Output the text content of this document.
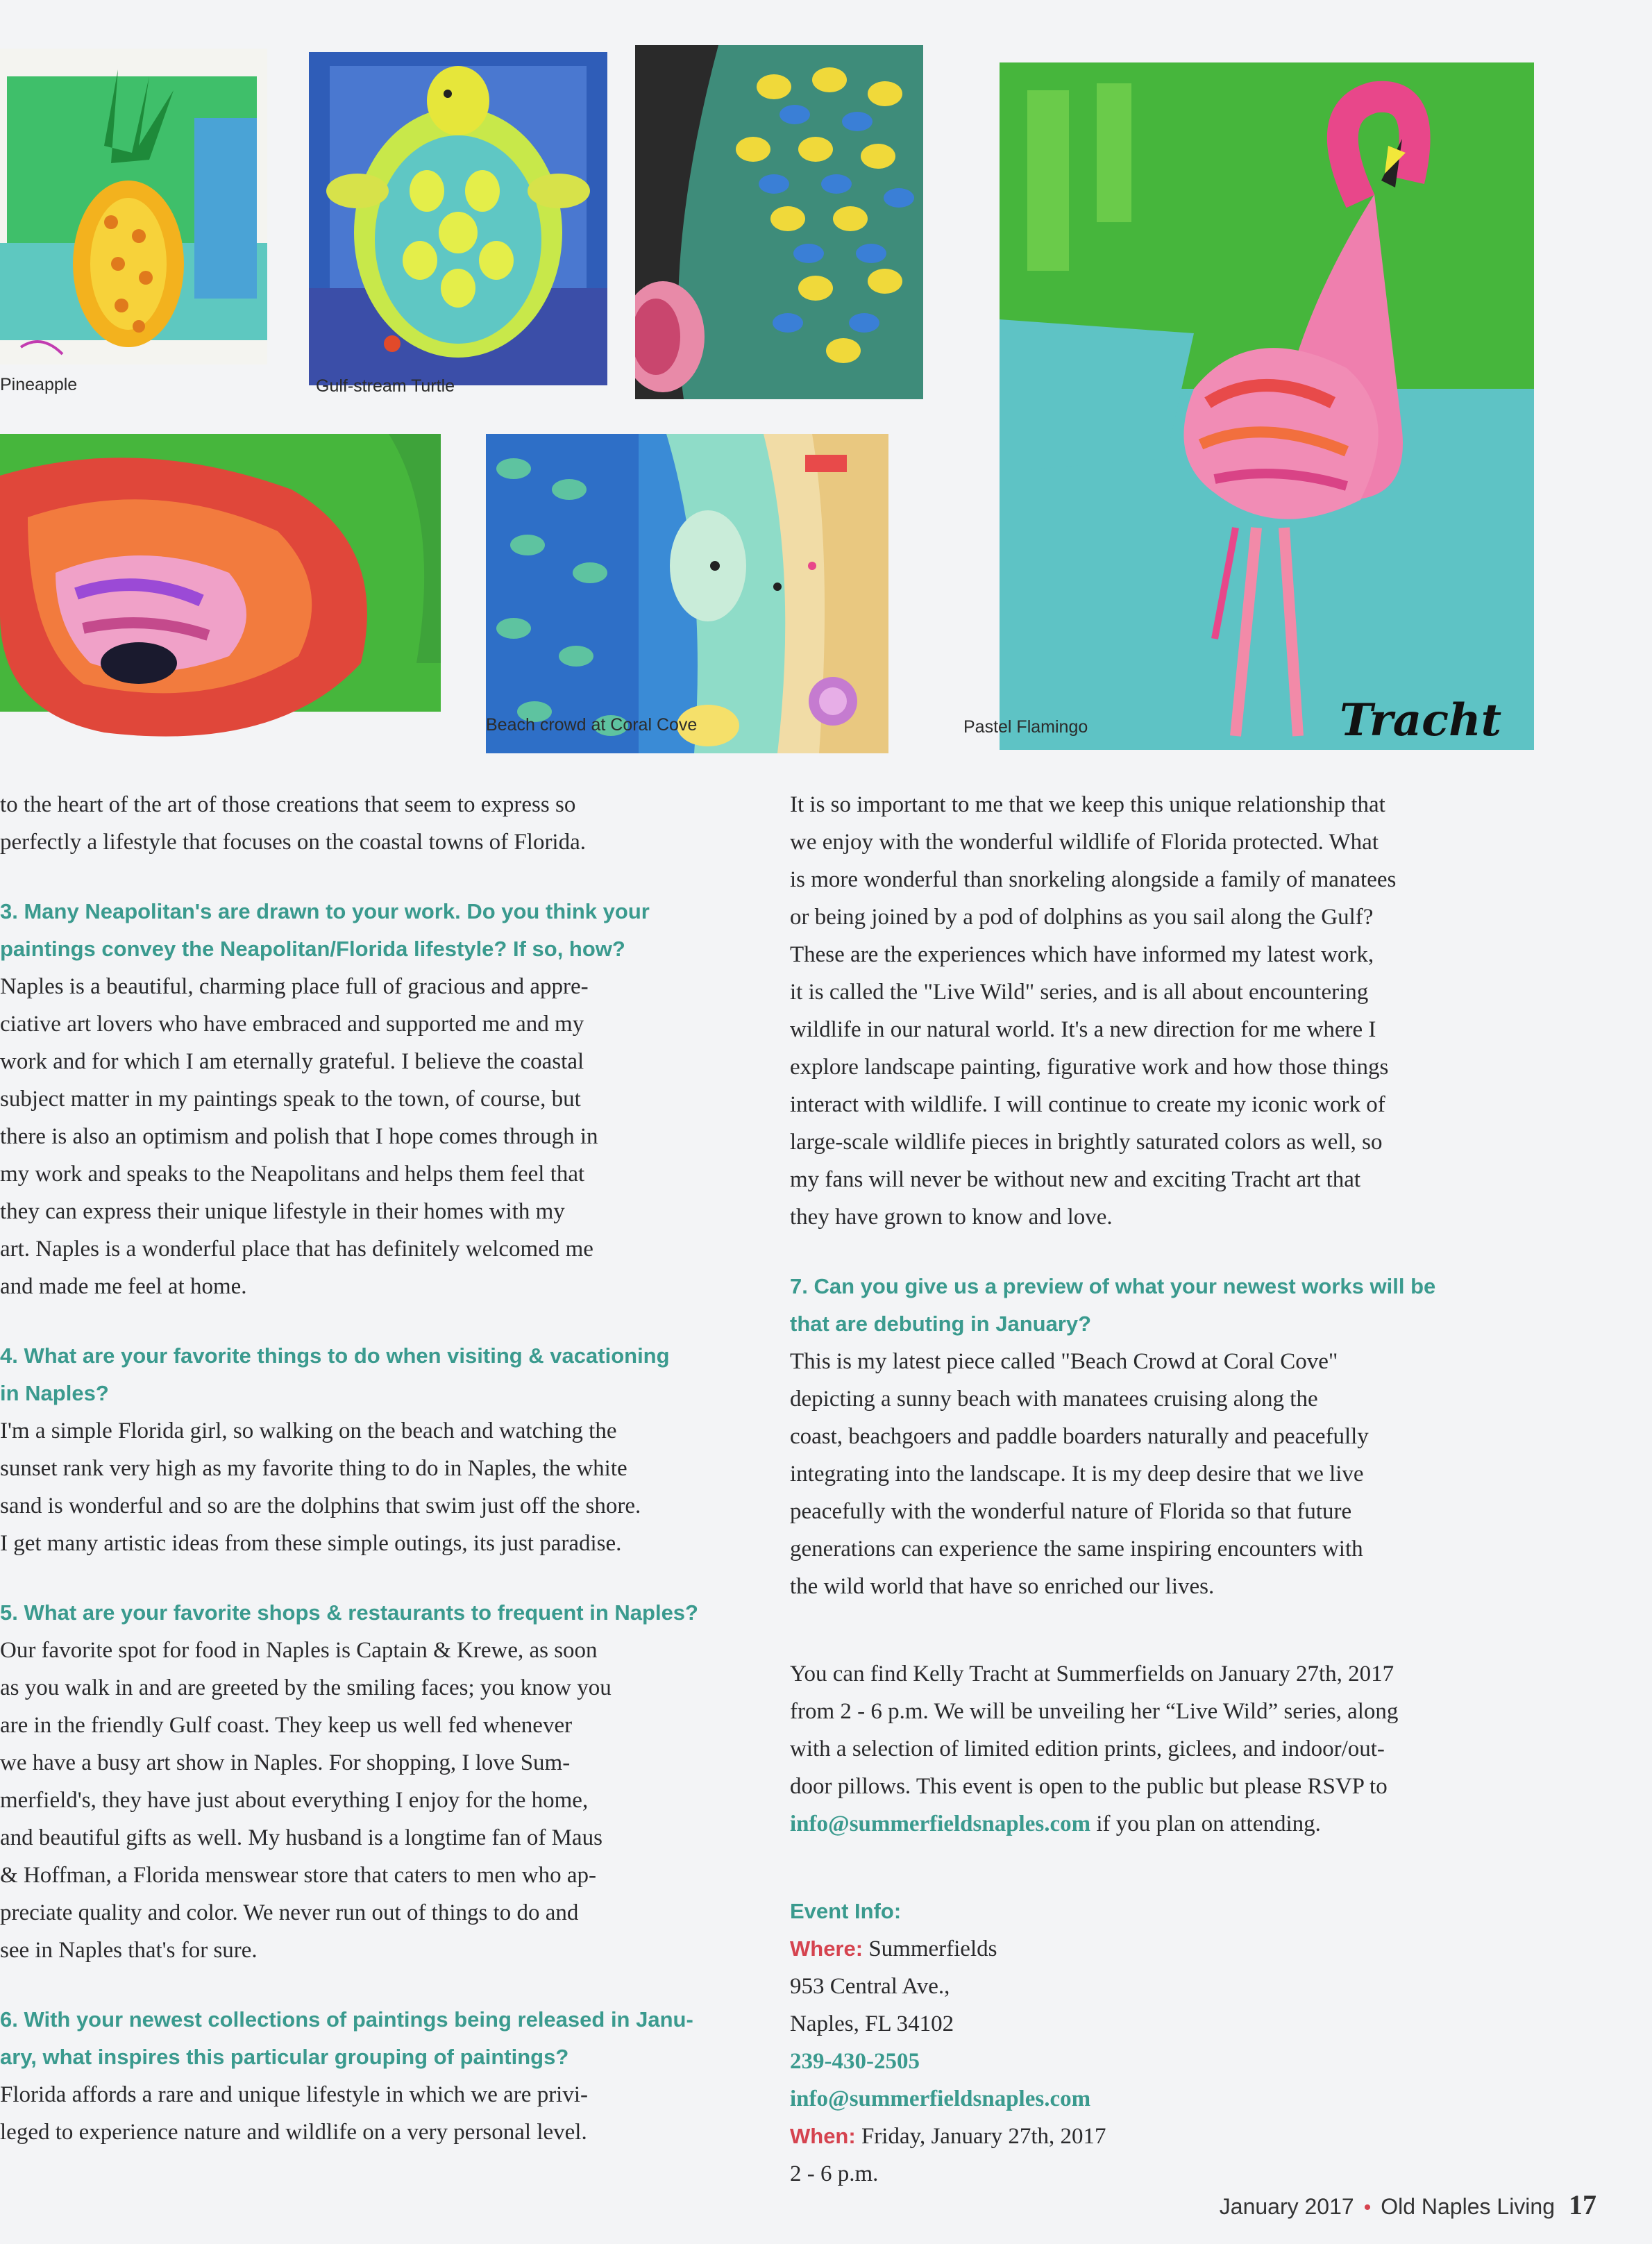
Pineapple	Gulf-stream Turtle
Pastel Flamingo	Tracht
Beach crowd at Coral Cove
to the heart of the art of those creations that seem to express so
perfectly a lifestyle that focuses on the coastal towns of Florida.
3. Many Neapolitan's are drawn to your work. Do you think your
paintings convey the Neapolitan/Florida lifestyle? If so, how?
Naples is a beautiful, charming place full of gracious and appre-
ciative art lovers who have embraced and supported me and my
work and for which I am eternally grateful. I believe the coastal
subject matter in my paintings speak to the town, of course, but
there is also an optimism and polish that I hope comes through in
my work and speaks to the Neapolitans and helps them feel that
they can express their unique lifestyle in their homes with my
art. Naples is a wonderful place that has definitely welcomed me
and made me feel at home.
4. What are your favorite things to do when visiting & vacationing
in Naples?
I'm a simple Florida girl, so walking on the beach and watching the
sunset rank very high as my favorite thing to do in Naples, the white
sand is wonderful and so are the dolphins that swim just off the shore.
I get many artistic ideas from these simple outings, its just paradise.
5. What are your favorite shops & restaurants to frequent in Naples?
Our favorite spot for food in Naples is Captain & Krewe, as soon
as you walk in and are greeted by the smiling faces; you know you
are in the friendly Gulf coast. They keep us well fed whenever
we have a busy art show in Naples. For shopping, I love Sum-
merfield's, they have just about everything I enjoy for the home,
and beautiful gifts as well. My husband is a longtime fan of Maus
& Hoffman, a Florida menswear store that caters to men who ap-
preciate quality and color. We never run out of things to do and
see in Naples that's for sure.
6. With your newest collections of paintings being released in Janu-
ary, what inspires this particular grouping of paintings?
Florida affords a rare and unique lifestyle in which we are privi-
leged to experience nature and wildlife on a very personal level.
It is so important to me that we keep this unique relationship that
we enjoy with the wonderful wildlife of Florida protected. What
is more wonderful than snorkeling alongside a family of manatees
or being joined by a pod of dolphins as you sail along the Gulf?
These are the experiences which have informed my latest work,
it is called the "Live Wild" series, and is all about encountering
wildlife in our natural world. It's a new direction for me where I
explore landscape painting, figurative work and how those things
interact with wildlife. I will continue to create my iconic work of
large-scale wildlife pieces in brightly saturated colors as well, so
my fans will never be without new and exciting Tracht art that
they have grown to know and love.
7. Can you give us a preview of what your newest works will be
that are debuting in January?
This is my latest piece called "Beach Crowd at Coral Cove"
depicting a sunny beach with manatees cruising along the
coast, beachgoers and paddle boarders naturally and peacefully
integrating into the landscape. It is my deep desire that we live
peacefully with the wonderful nature of Florida so that future
generations can experience the same inspiring encounters with
the wild world that have so enriched our lives.
You can find Kelly Tracht at Summerfields on January 27th, 2017
from 2 - 6 p.m. We will be unveiling her “Live Wild” series, along
with a selection of limited edition prints, giclees, and indoor/out-
door pillows. This event is open to the public but please RSVP to
info@summerfieldsnaples.com if you plan on attending.
Event Info:
Where: Summerfields
953 Central Ave.,
Naples, FL 34102
239-430-2505
info@summerfieldsnaples.com
When: Friday, January 27th, 2017
2 - 6 p.m.
January 2017 • Old Naples Living 17
